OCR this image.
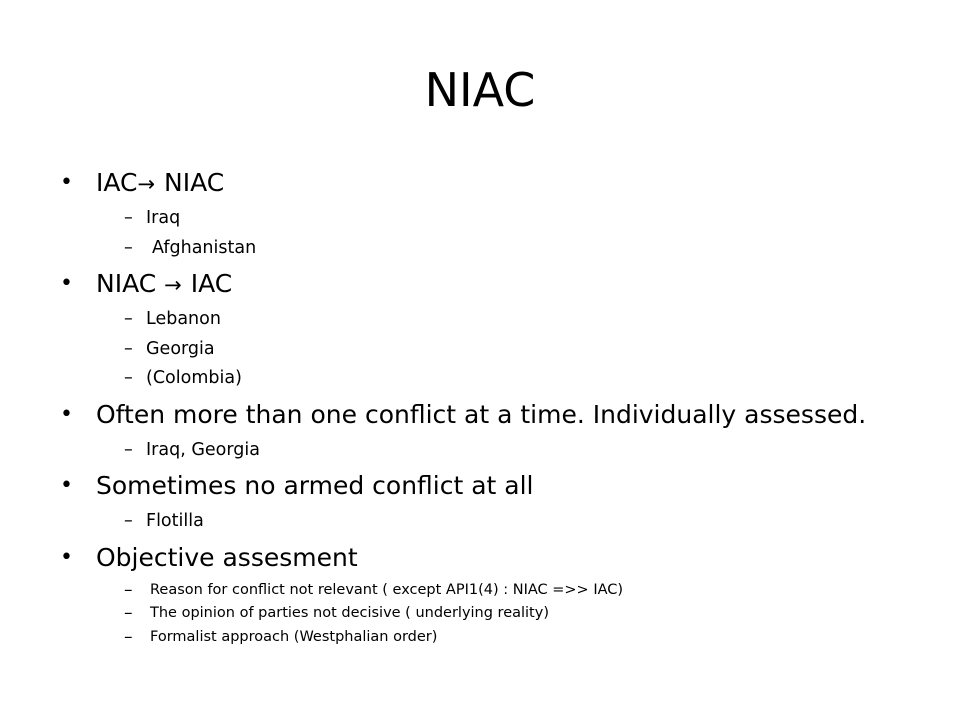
NIAC
• IAC→ NIAC
– Iraq
– Afghanistan
• NIAC → IAC
– Lebanon
– Georgia
– (Colombia)
• Often more than one conflict at a time. Individually assessed.
– Iraq, Georgia
• Sometimes no armed conflict at all
– Flotilla
• Objective assesment
– Reason for conflict not relevant ( except API1(4) : NIAC =>> IAC)
– The opinion of parties not decisive ( underlying reality)
– Formalist approach (Westphalian order)
